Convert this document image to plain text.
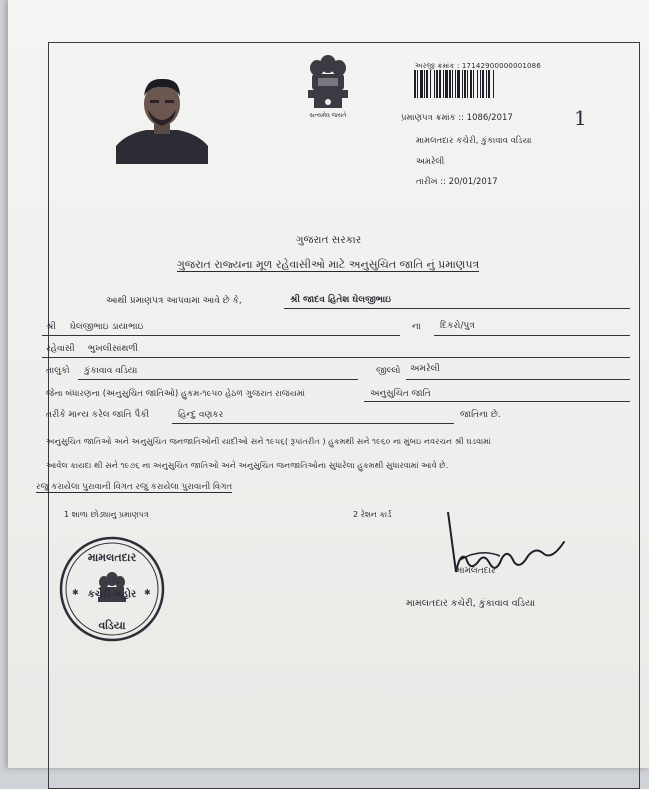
સત્યમેવ જયતે
અરજી ક્રમાંક : 17142900000001086
પ્રમાણપત્ર ક્રમાંક :: 1086/2017	1
મામલતદાર કચેરી, કુંકાવાવ વડિયા
અમરેલી
તારીખ :: 20/01/2017
ગુજરાત સરકાર
ગુજરાત રાજ્યના મૂળ રહેવાસીઓ માટે અનુસુચિત જાતિ નું પ્રમાણપત્ર
આથી પ્રમાણપત્ર આપવામા આવે છે કે,	શ્રી જાદવ હિતેશ ઘેલજીભાઇ
શ્રી ઘેલજીભાઇ ડાયાભાઇ	ના દિકરો/પુત્ર
રહેવાસી ભુખલીસાંથળી
તાલુકો કુંકાવાવ વડિયા	જીલ્લો અમરેલી
જેના બંધારણના (અનુસુચિત જાતિઓ) હુકમ-૧૯૫૦ હેઠળ ગુજરાત રાજયમાં	અનુસુચિત જાતિ
તરીકે માન્ય કરેલ જાતિ પૈકી	હિન્દુ વણકર	જાતિના છે.
અનુસુચિત જાતિઓ અને અનુસુચિત જનજાતિઓની યાદીઓ સને ૧૯૫૬( રૂપાંતરીત ) હુકમથી સને ૧૯૬૦ ના મુંબઇ નવરચન શ્રી ઘડવામાં
આવેલ કાયદા થી સને ૧૯૭૬ ના અનુસુચિત જાતિઓ અને અનુસુચિત જનજાતિઓના સુધારેલા હુકમથી સુધારવામાં આવે છે.
રજુ કરાયેલા પુરાવાની વિગત રજુ કરાયેલા પુરાવાની વિગત
1 શાળા છોડ્યાનુ પ્રમાણપત્ર	2 રેશન કાર્ડ
મામલતદાર
કચેરી મહોર
વડિયા
✱	✱
મામલતદાર
મામલતદાર કચેરી, કુંકાવાવ વડિયા
